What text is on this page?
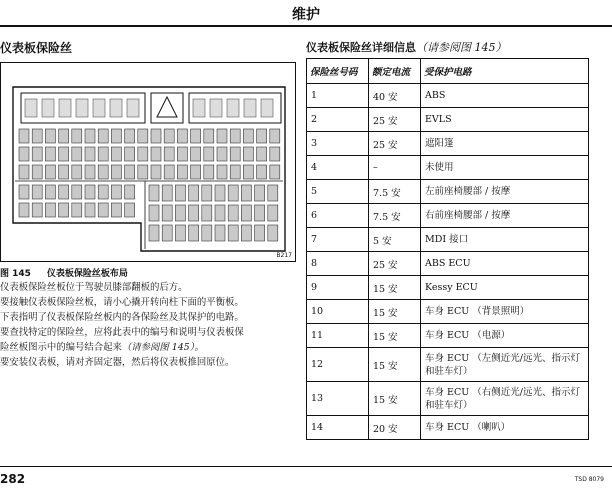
维护
仪表板保险丝	仪表板保险丝详细信息（请参阅图 145）
B217
图 145 仪表板保险丝板布局
仪表板保险丝板位于驾驶员膝部翻板的后方。
要接触仪表板保险丝板，请小心撬开转向柱下面的平衡板。
下表指明了仪表板保险丝板内的各保险丝及其保护的电路。
要查找特定的保险丝，应将此表中的编号和说明与仪表板保
险丝板图示中的编号结合起来（请参阅图 145）。
要安装仪表板，请对齐固定器，然后将仪表板推回原位。
保险丝号码	额定电流	受保护电路
1	40 安	ABS
2	25 安	EVLS
3	25 安	遮阳篷
4	–	未使用
5	7.5 安	左前座椅腰部 / 按摩
6	7.5 安	右前座椅腰部 / 按摩
7	5 安	MDI 接口
8	25 安	ABS ECU
9	15 安	Kessy ECU
10	15 安	车身 ECU （背景照明）
11	15 安	车身 ECU （电源）
12	15 安	车身 ECU （左侧近光/远光、指示灯和驻车灯）
13	15 安	车身 ECU （右侧近光/远光、指示灯和驻车灯）
14	20 安	车身 ECU （喇叭）
282	TSD 8079
